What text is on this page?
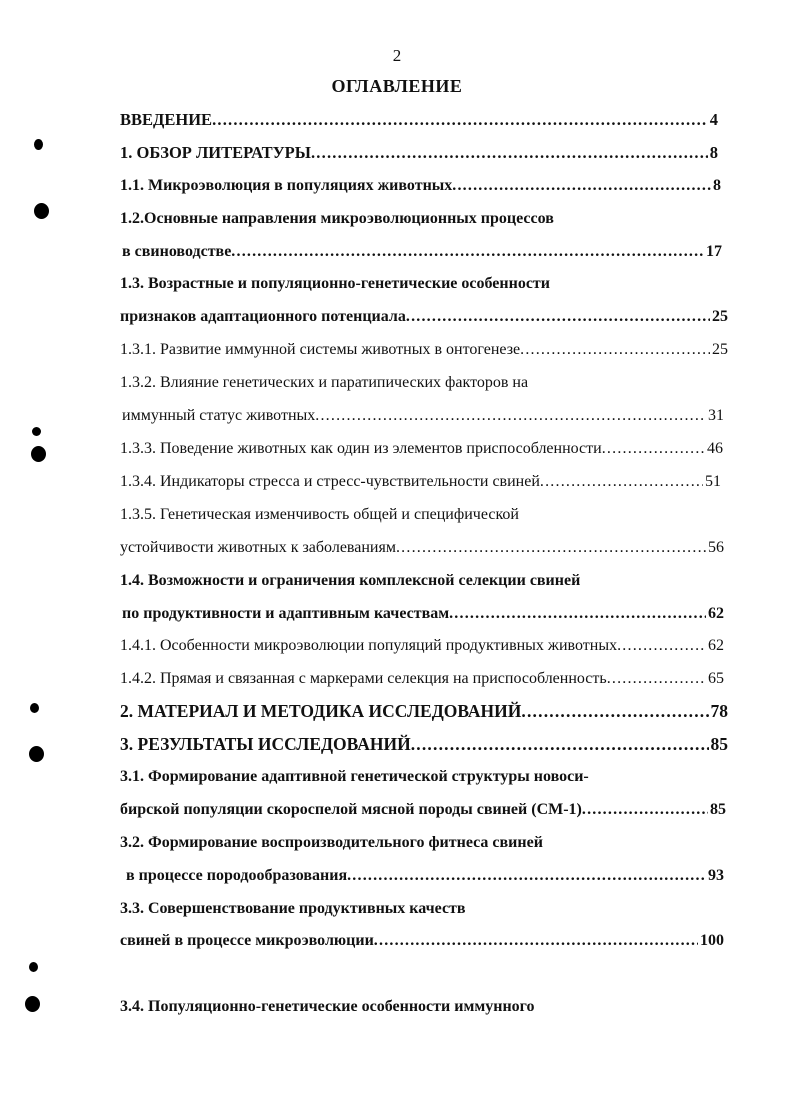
2
ОГЛАВЛЕНИЕ
ВВЕДЕНИЕ .....	4
1. ОБЗОР ЛИТЕРАТУРЫ .....	8
1.1. Микроэволюция в популяциях животных .....	8
1.2.Основные направления микроэволюционных процессов
в свиноводстве .....	17
1.3. Возрастные и популяционно-генетические особенности
признаков адаптационного потенциала .....	25
1.3.1. Развитие иммунной системы животных в онтогенезе .....	25
1.3.2. Влияние генетических и паратипических факторов на
иммунный статус животных .....	31
1.3.3. Поведение животных как один из элементов приспособленности .....	46
1.3.4. Индикаторы стресса и стресс-чувствительности свиней .....	51
1.3.5. Генетическая изменчивость общей и специфической
устойчивости животных к заболеваниям .....	56
1.4. Возможности и ограничения комплексной селекции свиней
по продуктивности и адаптивным качествам .....	62
1.4.1. Особенности микроэволюции популяций продуктивных животных .....	62
1.4.2. Прямая и связанная с маркерами селекция на приспособленность .....	65
2. МАТЕРИАЛ И МЕТОДИКА ИССЛЕДОВАНИЙ .....	78
3. РЕЗУЛЬТАТЫ ИССЛЕДОВАНИЙ .....	85
3.1. Формирование адаптивной генетической структуры новоси-
бирской популяции скороспелой мясной породы свиней (СМ-1) .....	85
3.2. Формирование воспроизводительного фитнеса свиней
в процессе породообразования .....	93
3.3. Совершенствование продуктивных качеств
свиней в процессе микроэволюции .....	100
3.4. Популяционно-генетические особенности иммунного
